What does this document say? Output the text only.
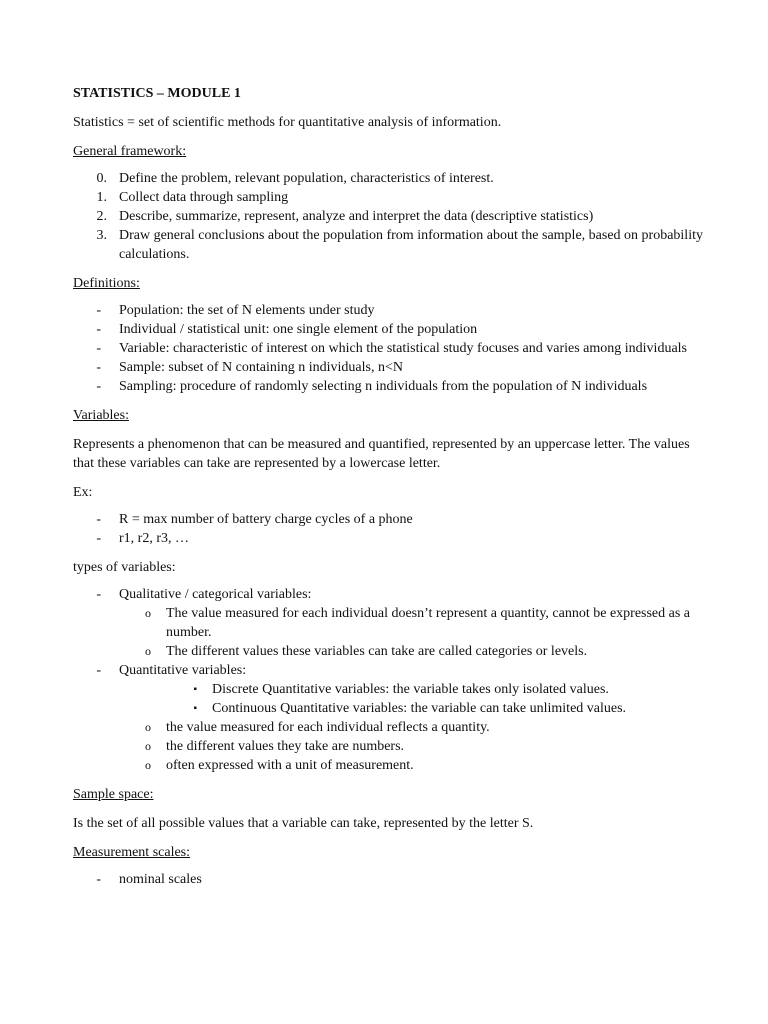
STATISTICS – MODULE 1

Statistics = set of scientific methods for quantitative analysis of information.

General framework:

0. Define the problem, relevant population, characteristics of interest.
1. Collect data through sampling
2. Describe, summarize, represent, analyze and interpret the data (descriptive statistics)
3. Draw general conclusions about the population from information about the sample, based on probability calculations.

Definitions:

- Population: the set of N elements under study
- Individual / statistical unit: one single element of the population
- Variable: characteristic of interest on which the statistical study focuses and varies among individuals
- Sample: subset of N containing n individuals, n<N
- Sampling: procedure of randomly selecting n individuals from the population of N individuals

Variables:

Represents a phenomenon that can be measured and quantified, represented by an uppercase letter. The values that these variables can take are represented by a lowercase letter.

Ex:

- R = max number of battery charge cycles of a phone
- r1, r2, r3, …

types of variables:

- Qualitative / categorical variables:
o The value measured for each individual doesn’t represent a quantity, cannot be expressed as a number.
o The different values these variables can take are called categories or levels.
- Quantitative variables:
▪ Discrete Quantitative variables: the variable takes only isolated values.
▪ Continuous Quantitative variables: the variable can take unlimited values.
o the value measured for each individual reflects a quantity.
o the different values they take are numbers.
o often expressed with a unit of measurement.

Sample space:

Is the set of all possible values that a variable can take, represented by the letter S.

Measurement scales:

- nominal scales
